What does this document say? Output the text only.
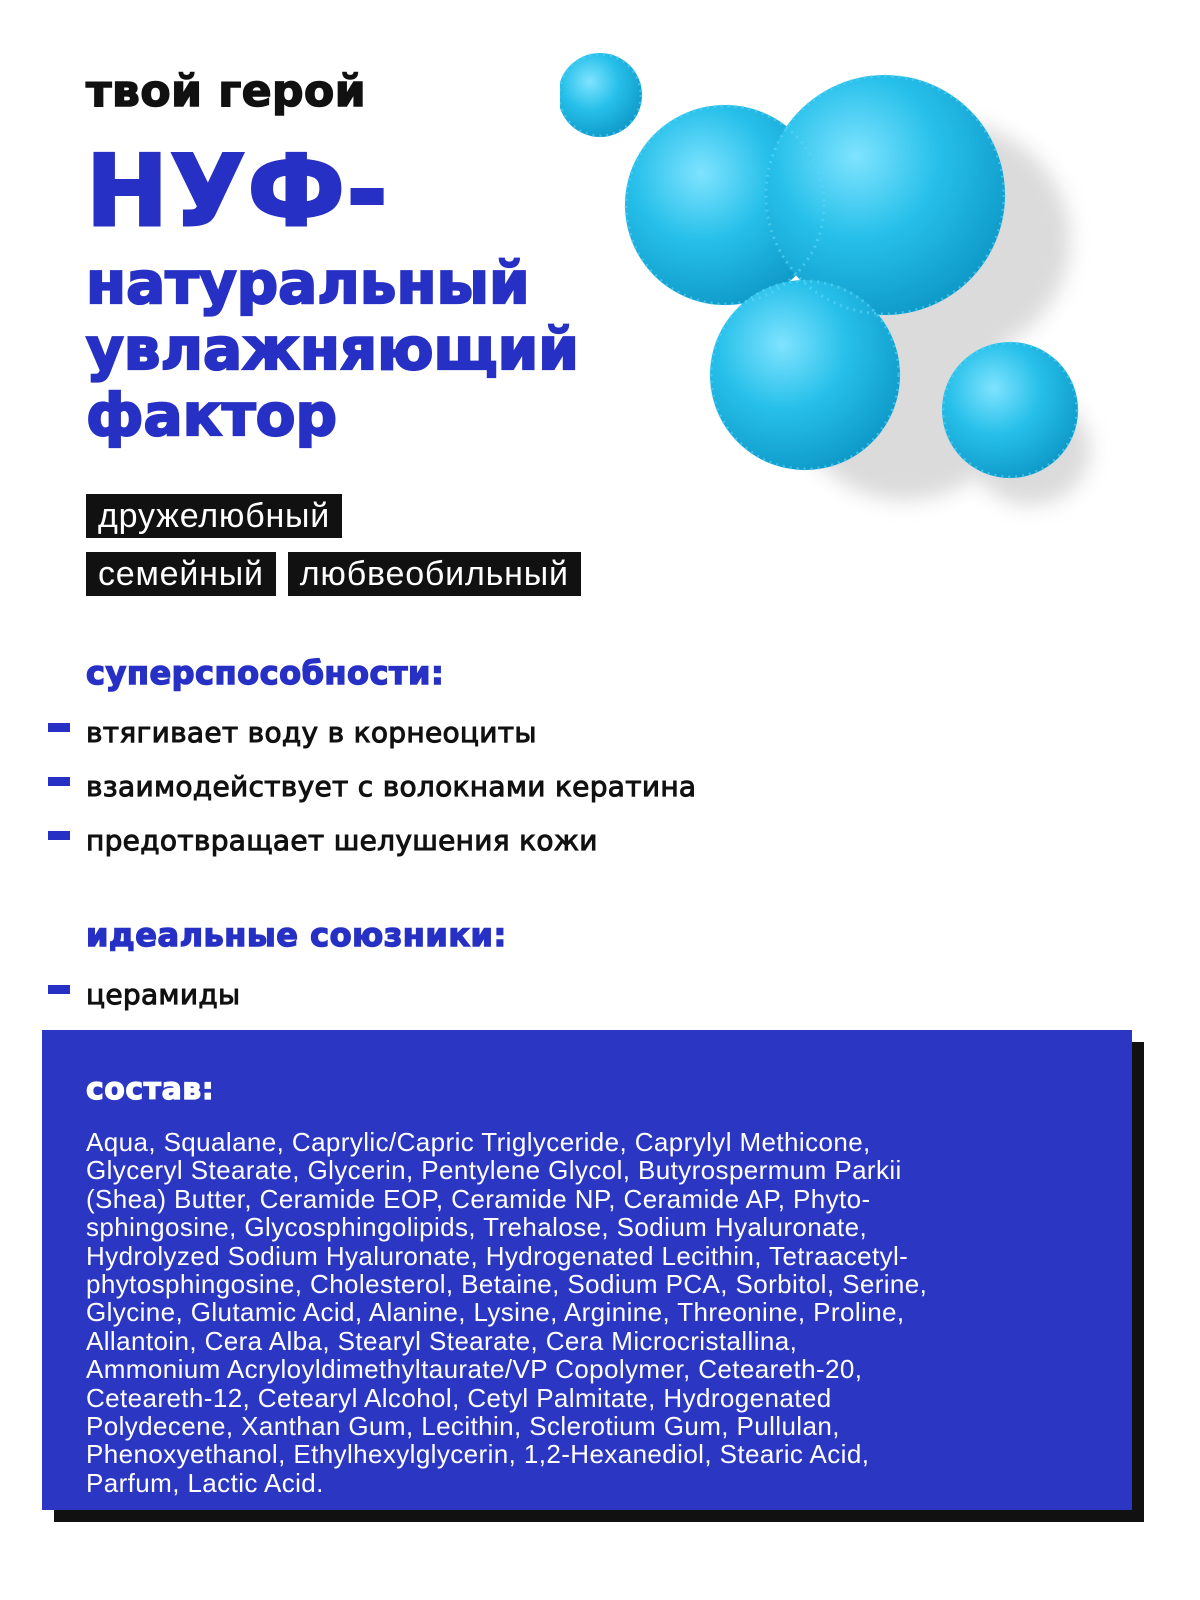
твой герой
НУФ-
натуральный
увлажняющий
фактор
дружелюбный
семейный	любвеобильный
суперспособности:
втягивает воду в корнеоциты
взаимодействует с волокнами кератина
предотвращает шелушения кожи
идеальные союзники:
церамиды
состав:
Aqua, Squalane, Caprylic/Capric Triglyceride, Caprylyl Methicone,
Glyceryl Stearate, Glycerin, Pentylene Glycol, Butyrospermum Parkii
(Shea) Butter, Ceramide EOP, Ceramide NP, Ceramide AP, Phyto-
sphingosine, Glycosphingolipids, Trehalose, Sodium Hyaluronate,
Hydrolyzed Sodium Hyaluronate, Hydrogenated Lecithin, Tetraacetyl-
phytosphingosine, Cholesterol, Betaine, Sodium PCA, Sorbitol, Serine,
Glycine, Glutamic Acid, Alanine, Lysine, Arginine, Threonine, Proline,
Allantoin, Cera Alba, Stearyl Stearate, Cera Microcristallina,
Ammonium Acryloyldimethyltaurate/VP Copolymer, Ceteareth-20,
Ceteareth-12, Cetearyl Alcohol, Cetyl Palmitate, Hydrogenated
Polydecene, Xanthan Gum, Lecithin, Sclerotium Gum, Pullulan,
Phenoxyethanol, Ethylhexylglycerin, 1,2-Hexanediol, Stearic Acid,
Parfum, Lactic Acid.
